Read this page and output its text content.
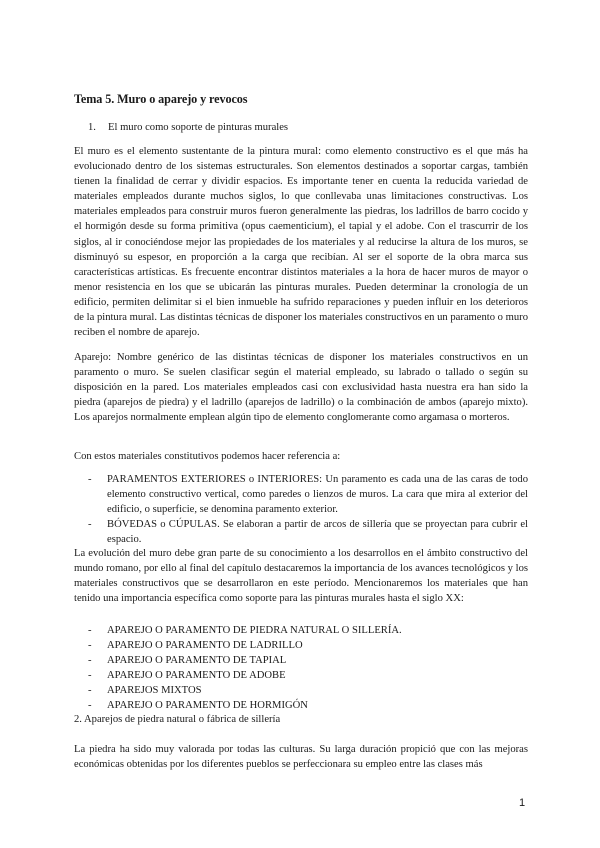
Tema 5. Muro o aparejo y revocos
1. El muro como soporte de pinturas murales
El muro es el elemento sustentante de la pintura mural: como elemento constructivo es el que más ha evolucionado dentro de los sistemas estructurales. Son elementos destinados a soportar cargas, también tienen la finalidad de cerrar y dividir espacios. Es importante tener en cuenta la reducida variedad de materiales empleados durante muchos siglos, lo que conllevaba unas limitaciones constructivas. Los materiales empleados para construir muros fueron generalmente las piedras, los ladrillos de barro cocido y el hormigón desde su forma primitiva (opus caementicium), el tapial y el adobe. Con el trascurrir de los siglos, al ir conociéndose mejor las propiedades de los materiales y al reducirse la altura de los muros, se disminuyó su espesor, en proporción a la carga que recibían. Al ser el soporte de la obra marca sus características artísticas. Es frecuente encontrar distintos materiales a la hora de hacer muros de mayor o menor resistencia en los que se ubicarán las pinturas murales. Pueden determinar la cronología de un edificio, permiten delimitar si el bien inmueble ha sufrido reparaciones y pueden influir en los deterioros de la pintura mural. Las distintas técnicas de disponer los materiales constructivos en un paramento o muro reciben el nombre de aparejo.
Aparejo: Nombre genérico de las distintas técnicas de disponer los materiales constructivos en un paramento o muro. Se suelen clasificar según el material empleado, su labrado o tallado o según su disposición en la pared. Los materiales empleados casi con exclusividad hasta nuestra era han sido la piedra (aparejos de piedra) y el ladrillo (aparejos de ladrillo) o la combinación de ambos (aparejo mixto). Los aparejos normalmente emplean algún tipo de elemento conglomerante como argamasa o morteros.
Con estos materiales constitutivos podemos hacer referencia a:
- PARAMENTOS EXTERIORES o INTERIORES: Un paramento es cada una de las caras de todo elemento constructivo vertical, como paredes o lienzos de muros. La cara que mira al exterior del edificio, o superficie, se denomina paramento exterior.
- BÓVEDAS o CÚPULAS. Se elaboran a partir de arcos de sillería que se proyectan para cubrir el espacio.
La evolución del muro debe gran parte de su conocimiento a los desarrollos en el ámbito constructivo del mundo romano, por ello al final del capítulo destacaremos la importancia de los avances tecnológicos y los materiales constructivos que se desarrollaron en este período. Mencionaremos los materiales que han tenido una importancia específica como soporte para las pinturas murales hasta el siglo XX:
- APAREJO O PARAMENTO DE PIEDRA NATURAL O SILLERÍA.
- APAREJO O PARAMENTO DE LADRILLO
- APAREJO O PARAMENTO DE TAPIAL
- APAREJO O PARAMENTO DE ADOBE
- APAREJOS MIXTOS
- APAREJO O PARAMENTO DE HORMIGÓN
2. Aparejos de piedra natural o fábrica de sillería
La piedra ha sido muy valorada por todas las culturas. Su larga duración propició que con las mejoras económicas obtenidas por los diferentes pueblos se perfeccionara su empleo entre las clases más
1
